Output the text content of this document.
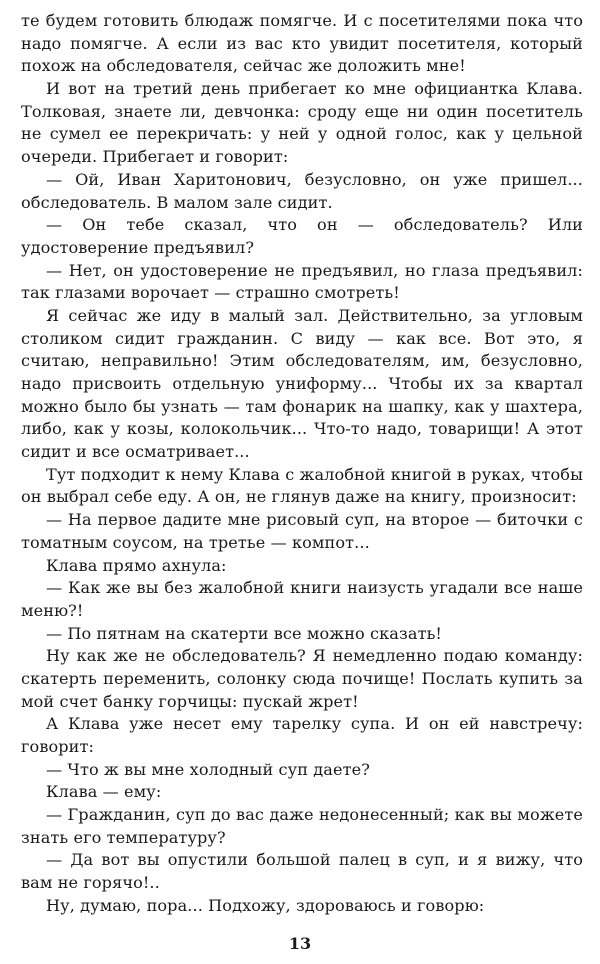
те будем готовить блюдаж помягче. И с посетителями пока что надо помягче. А если из вас кто увидит посетителя, который похож на обследователя, сейчас же доложить мне!

И вот на третий день прибегает ко мне официантка Клава. Толковая, знаете ли, девчонка: сроду еще ни один посетитель не сумел ее перекричать: у ней у одной голос, как у цельной очереди. Прибегает и говорит:

— Ой, Иван Харитонович, безусловно, он уже пришел... обследователь. В малом зале сидит.

— Он тебе сказал, что он — обследователь? Или удостоверение предъявил?

— Нет, он удостоверение не предъявил, но глаза предъявил: так глазами ворочает — страшно смотреть!

Я сейчас же иду в малый зал. Действительно, за угловым столиком сидит гражданин. С виду — как все. Вот это, я считаю, неправильно! Этим обследователям, им, безусловно, надо присвоить отдельную униформу... Чтобы их за квартал можно было бы узнать — там фонарик на шапку, как у шахтера, либо, как у козы, колокольчик... Что-то надо, товарищи! А этот сидит и все осматривает...

Тут подходит к нему Клава с жалобной книгой в руках, чтобы он выбрал себе еду. А он, не глянув даже на книгу, произносит:

— На первое дадите мне рисовый суп, на второе — биточки с томатным соусом, на третье — компот...

Клава прямо ахнула:

— Как же вы без жалобной книги наизусть угадали все наше меню?!

— По пятнам на скатерти все можно сказать!

Ну как же не обследователь? Я немедленно подаю команду: скатерть переменить, солонку сюда почище! Послать купить за мой счет банку горчицы: пускай жрет!

А Клава уже несет ему тарелку супа. И он ей навстречу: говорит:

— Что ж вы мне холодный суп даете?

Клава — ему:

— Гражданин, суп до вас даже недонесенный; как вы можете знать его температуру?

— Да вот вы опустили большой палец в суп, и я вижу, что вам не горячо!..

Ну, думаю, пора... Подхожу, здороваюсь и говорю:

13
